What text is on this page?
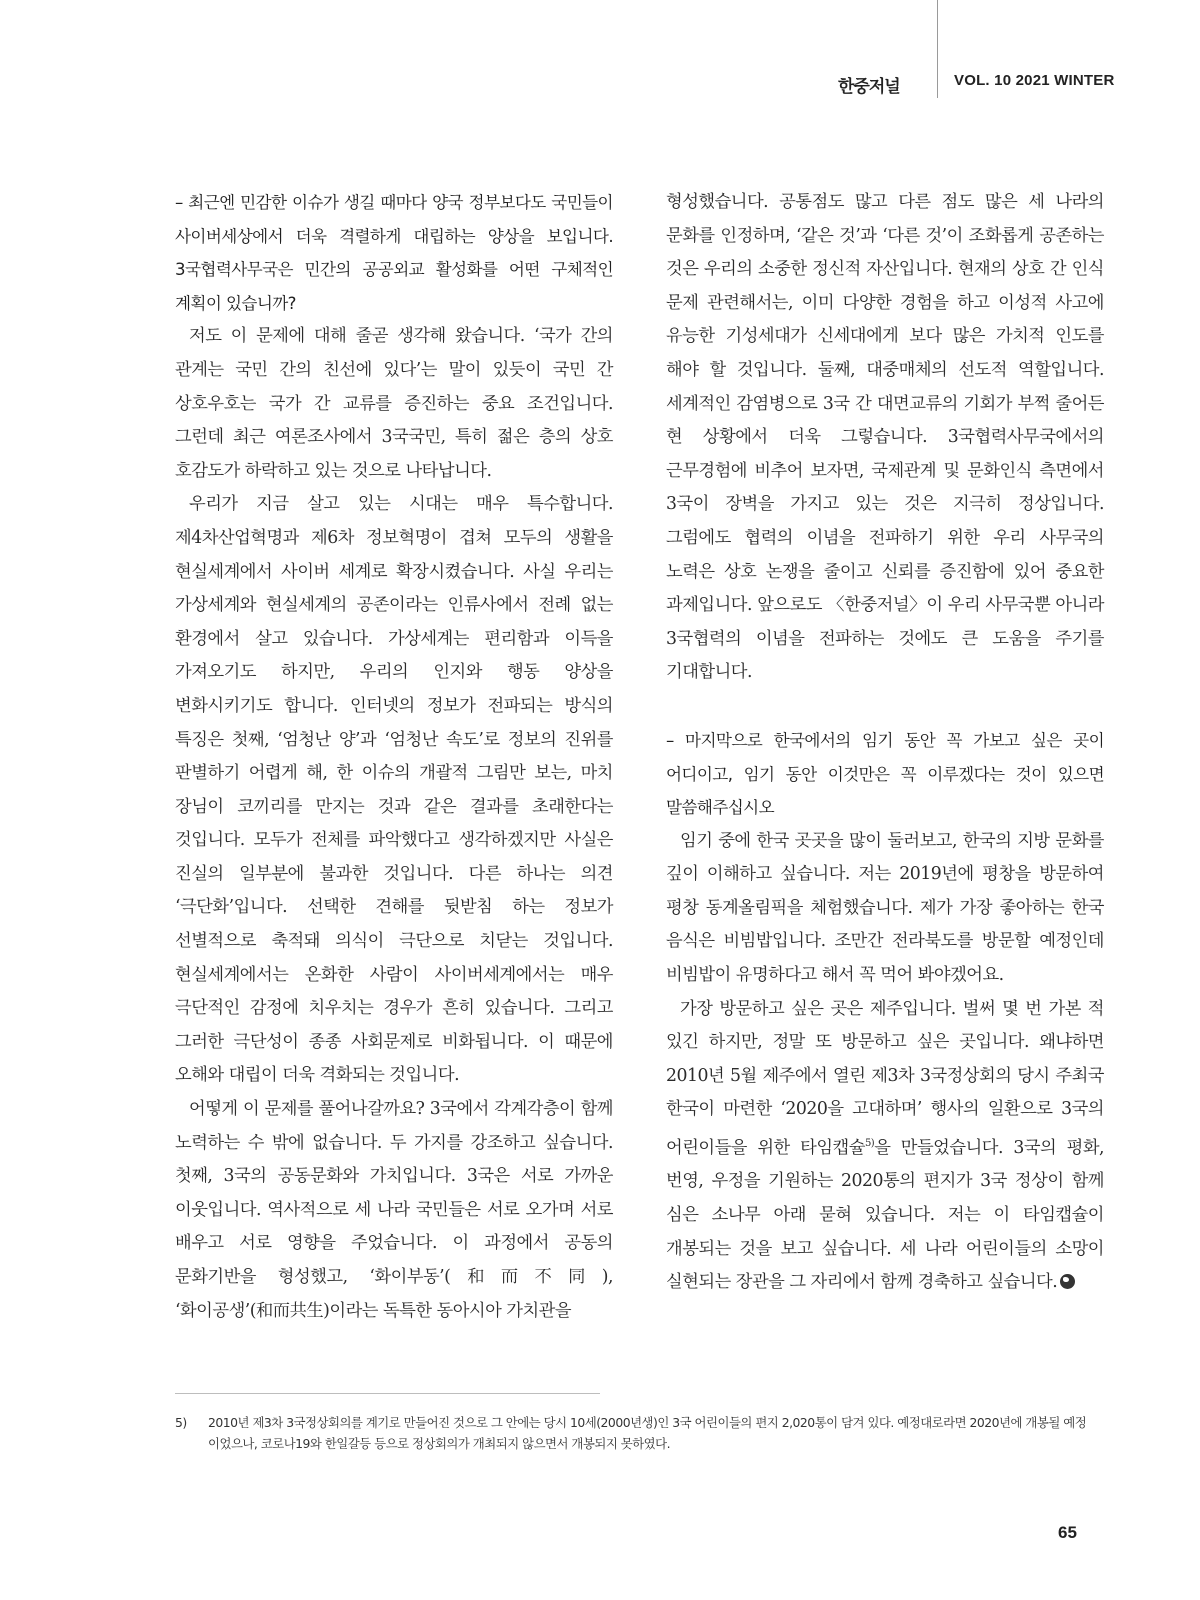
한중저널	VOL. 10 2021 WINTER

– 최근엔 민감한 이슈가 생길 때마다 양국 정부보다도 국민들이 사이버세상에서 더욱 격렬하게 대립하는 양상을 보입니다. 3국협력사무국은 민간의 공공외교 활성화를 어떤 구체적인 계획이 있습니까?

저도 이 문제에 대해 줄곧 생각해 왔습니다. ‘국가 간의 관계는 국민 간의 친선에 있다’는 말이 있듯이 국민 간 상호우호는 국가 간 교류를 증진하는 중요 조건입니다. 그런데 최근 여론조사에서 3국국민, 특히 젊은 층의 상호 호감도가 하락하고 있는 것으로 나타납니다.

우리가 지금 살고 있는 시대는 매우 특수합니다. 제4차산업혁명과 제6차 정보혁명이 겹쳐 모두의 생활을 현실세계에서 사이버 세계로 확장시켰습니다. 사실 우리는 가상세계와 현실세계의 공존이라는 인류사에서 전례 없는 환경에서 살고 있습니다. 가상세계는 편리함과 이득을 가져오기도 하지만, 우리의 인지와 행동 양상을 변화시키기도 합니다. 인터넷의 정보가 전파되는 방식의 특징은 첫째, ‘엄청난 양’과 ‘엄청난 속도’로 정보의 진위를 판별하기 어렵게 해, 한 이슈의 개괄적 그림만 보는, 마치 장님이 코끼리를 만지는 것과 같은 결과를 초래한다는 것입니다. 모두가 전체를 파악했다고 생각하겠지만 사실은 진실의 일부분에 불과한 것입니다. 다른 하나는 의견 ‘극단화’입니다. 선택한 견해를 뒷받침 하는 정보가 선별적으로 축적돼 의식이 극단으로 치닫는 것입니다. 현실세계에서는 온화한 사람이 사이버세계에서는 매우 극단적인 감정에 치우치는 경우가 흔히 있습니다. 그리고 그러한 극단성이 종종 사회문제로 비화됩니다. 이 때문에 오해와 대립이 더욱 격화되는 것입니다.

어떻게 이 문제를 풀어나갈까요? 3국에서 각계각층이 함께 노력하는 수 밖에 없습니다. 두 가지를 강조하고 싶습니다. 첫째, 3국의 공동문화와 가치입니다. 3국은 서로 가까운 이웃입니다. 역사적으로 세 나라 국민들은 서로 오가며 서로 배우고 서로 영향을 주었습니다. 이 과정에서 공동의 문화기반을 형성했고, ‘화이부동’(和而不同), ‘화이공생’(和而共生)이라는 독특한 동아시아 가치관을

형성했습니다. 공통점도 많고 다른 점도 많은 세 나라의 문화를 인정하며, ‘같은 것’과 ‘다른 것’이 조화롭게 공존하는 것은 우리의 소중한 정신적 자산입니다. 현재의 상호 간 인식 문제 관련해서는, 이미 다양한 경험을 하고 이성적 사고에 유능한 기성세대가 신세대에게 보다 많은 가치적 인도를 해야 할 것입니다. 둘째, 대중매체의 선도적 역할입니다. 세계적인 감염병으로 3국 간 대면교류의 기회가 부쩍 줄어든 현 상황에서 더욱 그렇습니다. 3국협력사무국에서의 근무경험에 비추어 보자면, 국제관계 및 문화인식 측면에서 3국이 장벽을 가지고 있는 것은 지극히 정상입니다. 그럼에도 협력의 이념을 전파하기 위한 우리 사무국의 노력은 상호 논쟁을 줄이고 신뢰를 증진함에 있어 중요한 과제입니다. 앞으로도 〈한중저널〉이 우리 사무국뿐 아니라 3국협력의 이념을 전파하는 것에도 큰 도움을 주기를 기대합니다.

– 마지막으로 한국에서의 임기 동안 꼭 가보고 싶은 곳이 어디이고, 임기 동안 이것만은 꼭 이루겠다는 것이 있으면 말씀해주십시오

임기 중에 한국 곳곳을 많이 둘러보고, 한국의 지방 문화를 깊이 이해하고 싶습니다. 저는 2019년에 평창을 방문하여 평창 동계올림픽을 체험했습니다. 제가 가장 좋아하는 한국 음식은 비빔밥입니다. 조만간 전라북도를 방문할 예정인데 비빔밥이 유명하다고 해서 꼭 먹어 봐야겠어요.

가장 방문하고 싶은 곳은 제주입니다. 벌써 몇 번 가본 적 있긴 하지만, 정말 또 방문하고 싶은 곳입니다. 왜냐하면 2010년 5월 제주에서 열린 제3차 3국정상회의 당시 주최국 한국이 마련한 ‘2020을 고대하며’ 행사의 일환으로 3국의 어린이들을 위한 타임캡슐$^{5)}$을 만들었습니다. 3국의 평화, 번영, 우정을 기원하는 2020통의 편지가 3국 정상이 함께 심은 소나무 아래 묻혀 있습니다. 저는 이 타임캡슐이 개봉되는 것을 보고 싶습니다. 세 나라 어린이들의 소망이 실현되는 장관을 그 자리에서 함께 경축하고 싶습니다.

5) 2010년 제3차 3국정상회의를 계기로 만들어진 것으로 그 안에는 당시 10세(2000년생)인 3국 어린이들의 편지 2,020통이 담겨 있다. 예정대로라면 2020년에 개봉될 예정이었으나, 코로나19와 한일갈등 등으로 정상회의가 개최되지 않으면서 개봉되지 못하였다.
65
